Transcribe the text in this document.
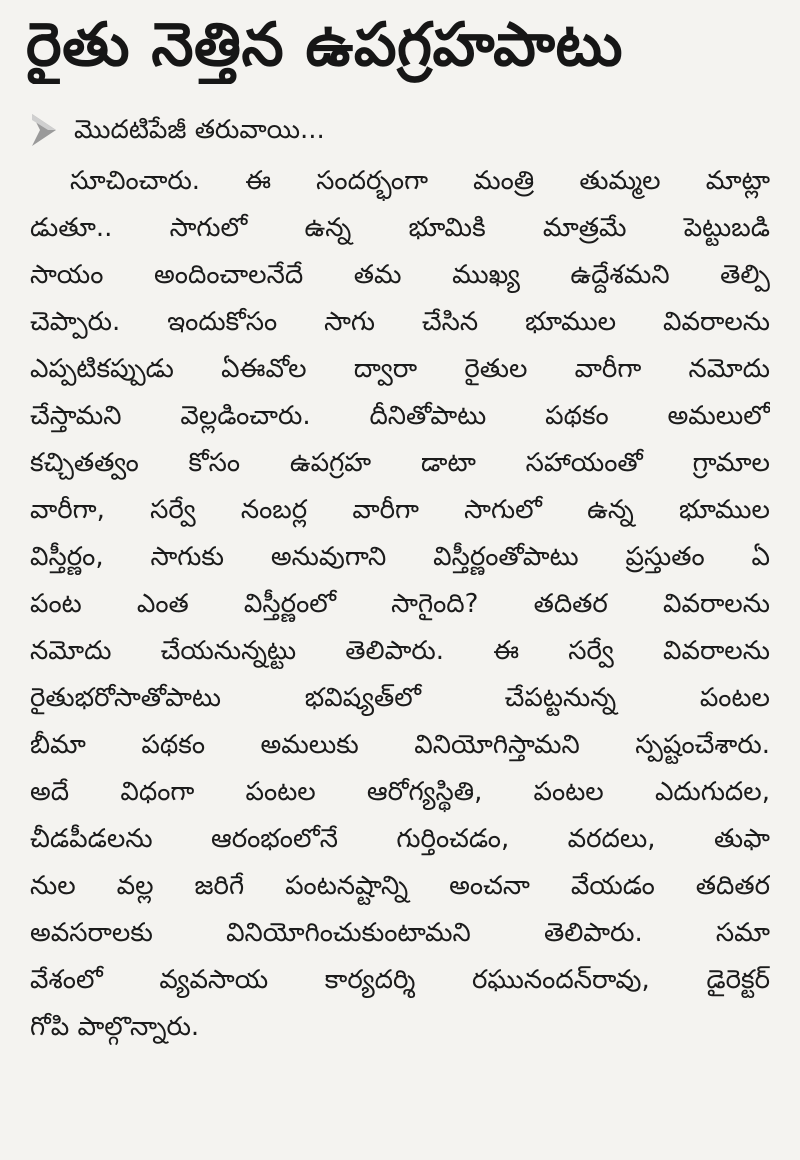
రైతు నెత్తిన ఉపగ్రహపాటు
మొదటిపేజీ తరువాయి...
సూచించారు. ఈ సందర్భంగా మంత్రి తుమ్మల మాట్లా
డుతూ.. సాగులో ఉన్న భూమికి మాత్రమే పెట్టుబడి
సాయం అందించాలనేదే తమ ముఖ్య ఉద్దేశమని తెల్పి
చెప్పారు. ఇందుకోసం సాగు చేసిన భూముల వివరాలను
ఎప్పటికప్పుడు ఏఈవోల ద్వారా రైతుల వారీగా నమోదు
చేస్తామని వెల్లడించారు. దీనితోపాటు పథకం అమలులో
కచ్చితత్వం కోసం ఉపగ్రహ డాటా సహాయంతో గ్రామాల
వారీగా, సర్వే నంబర్ల వారీగా సాగులో ఉన్న భూముల
విస్తీర్ణం, సాగుకు అనువుగాని విస్తీర్ణంతోపాటు ప్రస్తుతం ఏ
పంట ఎంత విస్తీర్ణంలో సాగైంది? తదితర వివరాలను
నమోదు చేయనున్నట్టు తెలిపారు. ఈ సర్వే వివరాలను
రైతుభరోసాతోపాటు భవిష్యత్‌లో చేపట్టనున్న పంటల
బీమా పథకం అమలుకు వినియోగిస్తామని స్పష్టంచేశారు.
అదే విధంగా పంటల ఆరోగ్యస్థితి, పంటల ఎదుగుదల,
చీడపీడలను ఆరంభంలోనే గుర్తించడం, వరదలు, తుఫా
నుల వల్ల జరిగే పంటనష్టాన్ని అంచనా వేయడం తదితర
అవసరాలకు వినియోగించుకుంటామని తెలిపారు. సమా
వేశంలో వ్యవసాయ కార్యదర్శి రఘునందన్‌రావు, డైరెక్టర్
గోపి పాల్గొన్నారు.
